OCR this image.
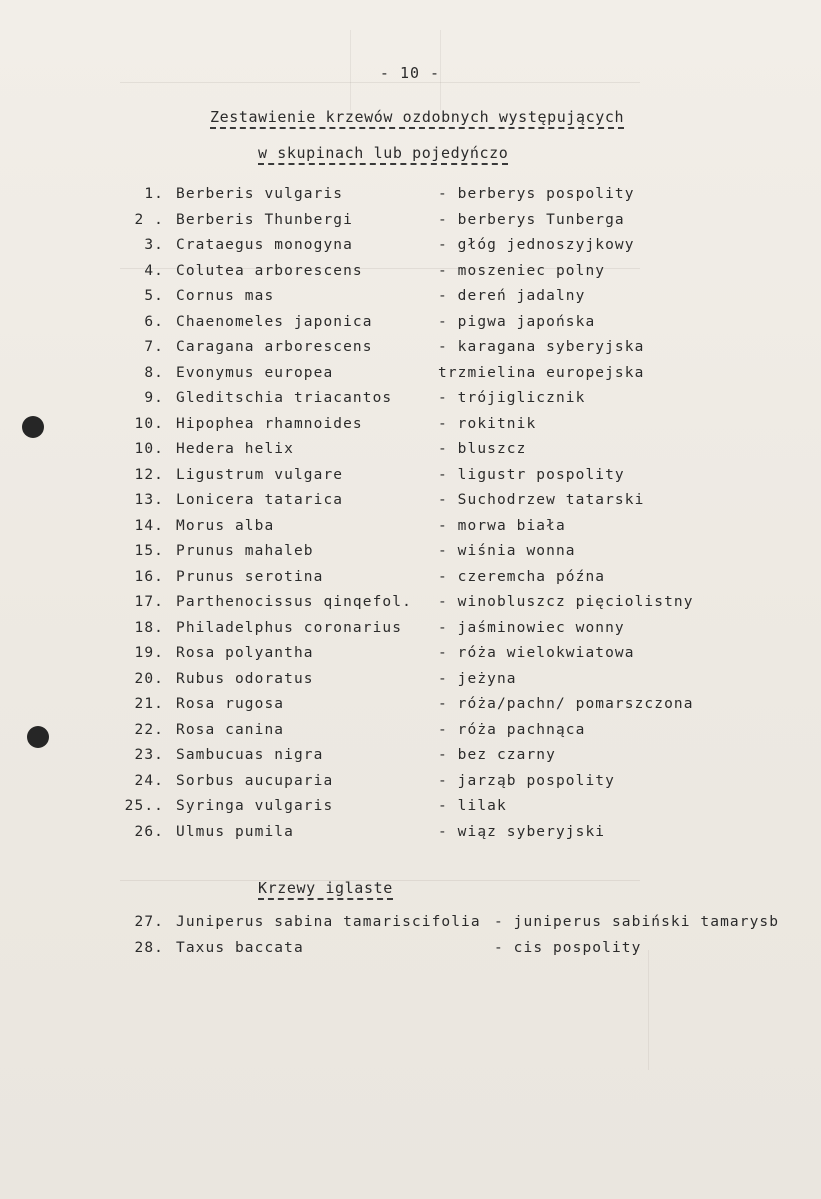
- 10 -
Zestawienie krzewów ozdobnych występujących
w skupinach lub pojedyńczo
1. Berberis vulgaris	- berberys pospolity
2 . Berberis Thunbergi	- berberys Tunberga
3. Crataegus monogyna	- głóg jednoszyjkowy
4. Colutea arborescens	- moszeniec polny
5. Cornus mas	- dereń jadalny
6. Chaenomeles japonica	- pigwa japońska
7. Caragana arborescens	- karagana syberyjska
8. Evonymus europea	trzmielina europejska
9. Gleditschia triacantos	- trójiglicznik
10. Hipophea rhamnoides	- rokitnik
10. Hedera helix	- bluszcz
12. Ligustrum vulgare	- ligustr pospolity
13. Lonicera tatarica	- Suchodrzew tatarski
14. Morus alba	- morwa biała
15. Prunus mahaleb	- wiśnia wonna
16. Prunus serotina	- czeremcha późna
17. Parthenocissus qinqefol. - winobluszcz pięciolistny
18. Philadelphus coronarius - jaśminowiec wonny
19. Rosa polyantha	- róża wielokwiatowa
20. Rubus odoratus	- jeżyna
21. Rosa rugosa	- róża/pachn/ pomarszczona
22. Rosa canina	- róża pachnąca
23. Sambucuas nigra	- bez czarny
24. Sorbus aucuparia	- jarząb pospolity
25.. Syringa vulgaris	- lilak
26. Ulmus pumila	- wiąz syberyjski
Krzewy iglaste
27. Juniperus sabina tamariscifolia - juniperus sabiński tamarysb
28. Taxus baccata	- cis pospolity
